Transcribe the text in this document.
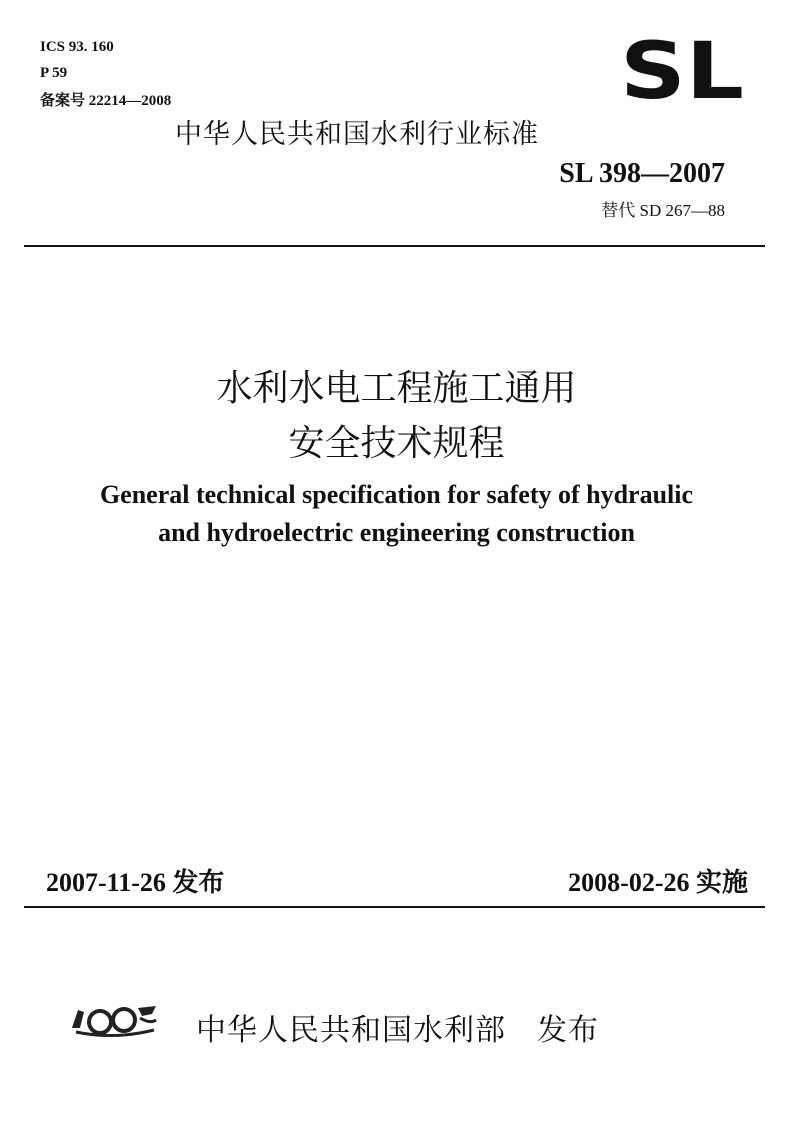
ICS 93. 160
P 59
备案号 22214—2008	SL
中华人民共和国水利行业标准
SL 398—2007
替代 SD 267—88
水利水电工程施工通用
安全技术规程
General technical specification for safety of hydraulic
and hydroelectric engineering construction
2007-11-26 发布	2008-02-26 实施
中华人民共和国水利部　发布
